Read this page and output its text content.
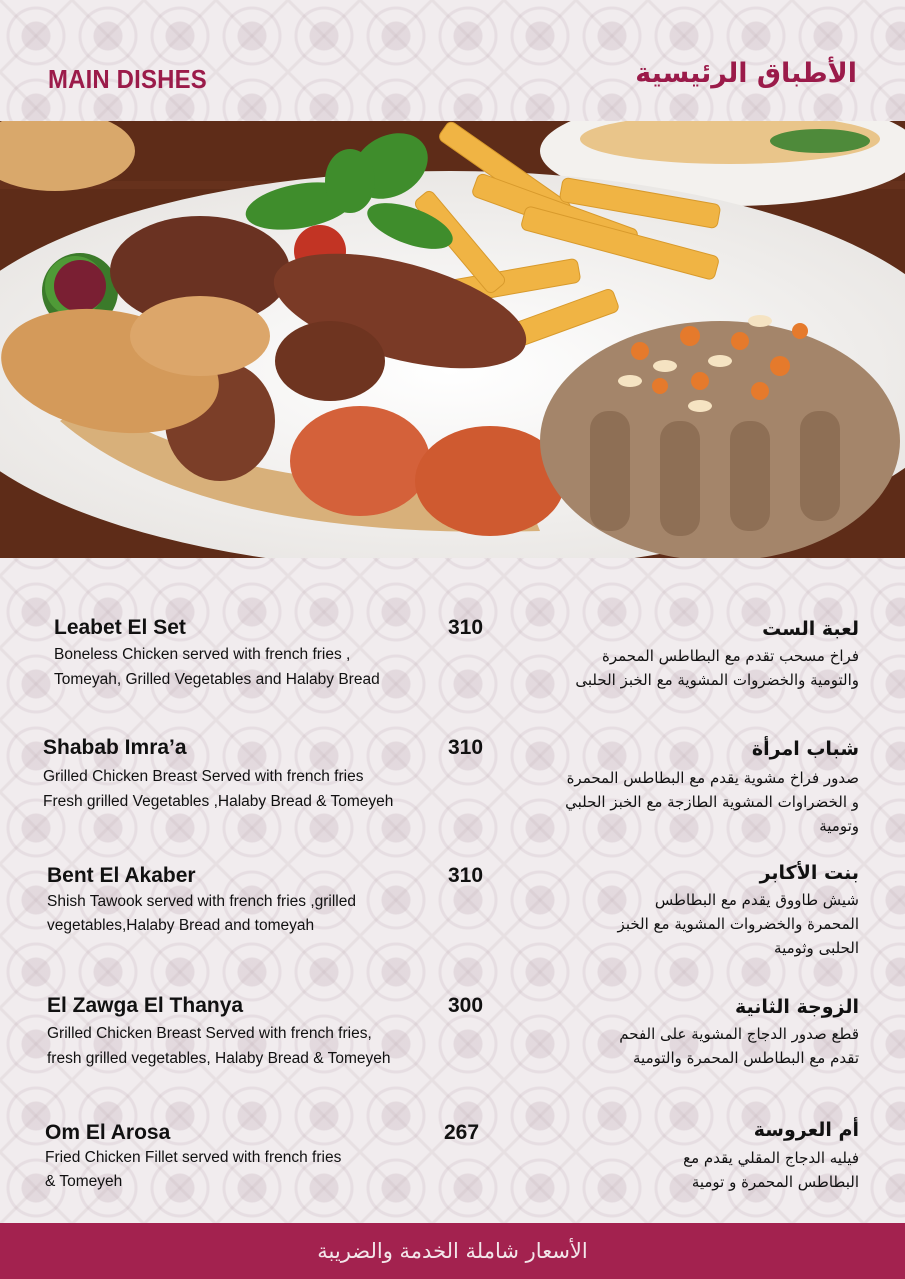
MAIN DISHES	الأطباق الرئيسية
Leabet El Set	310
Boneless Chicken served with french fries ,
Tomeyah, Grilled Vegetables and Halaby Bread
لعبة الست
فراخ مسحب تقدم مع البطاطس المحمرة
والتومية والخضروات المشوية مع الخبز الحلبى
Shabab Imra’a	310
Grilled Chicken Breast Served with french fries
Fresh grilled Vegetables ,Halaby Bread & Tomeyeh
شباب امرأة
صدور فراخ مشوية يقدم مع البطاطس المحمرة
و الخضراوات المشوية الطازجة مع الخبز الحلبي
وتومية
Bent El Akaber	310
Shish Tawook served with french fries ,grilled
vegetables,Halaby Bread and tomeyah
بنت الأكابر
شيش طاووق يقدم مع البطاطس
المحمرة والخضروات المشوية مع الخبز
الحلبى وثومية
El Zawga El Thanya	300
Grilled Chicken Breast Served with french fries,
fresh grilled vegetables, Halaby Bread & Tomeyeh
الزوجة الثانية
قطع صدور الدجاج المشوية على الفحم
تقدم مع البطاطس المحمرة والتومية
Om El Arosa	267
Fried Chicken Fillet served with french fries
& Tomeyeh
أم العروسة
فيليه الدجاج المقلي يقدم مع
البطاطس المحمرة و تومية
الأسعار شاملة الخدمة والضريبة
